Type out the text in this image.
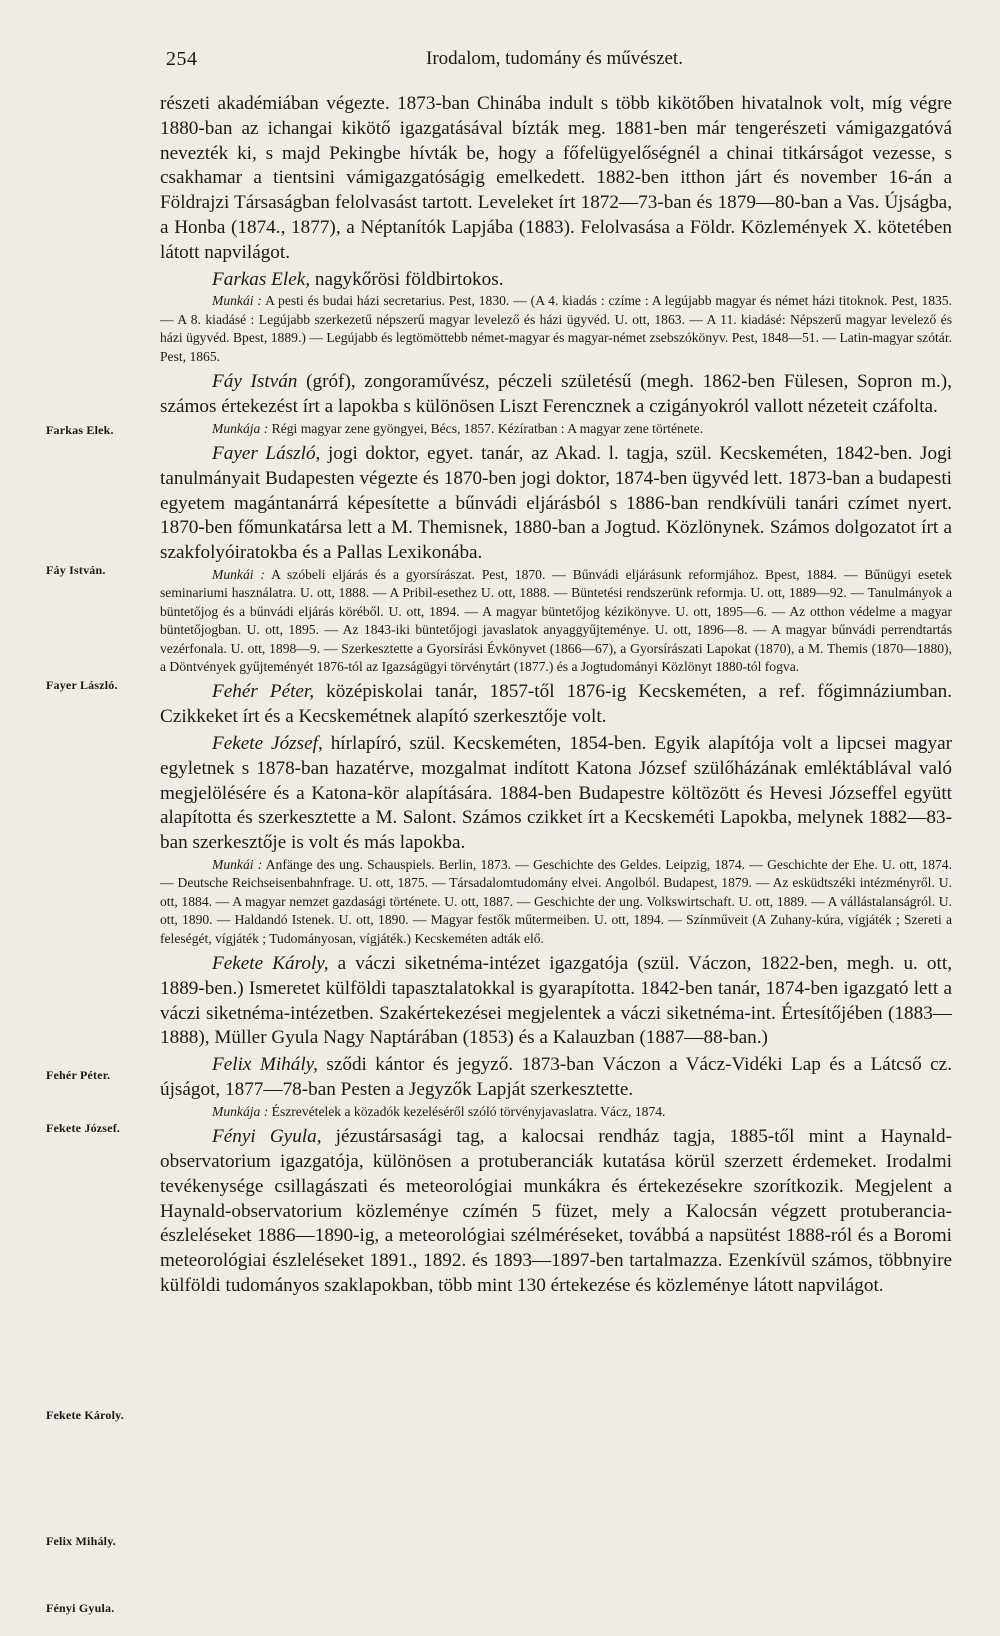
254	Irodalom, tudomány és művészet.
Farkas Elek.
Fáy István.
Fayer László.
Fehér Péter.
Fekete József.
Fekete Károly.
Felix Mihály.
Fényi Gyula.

részeti akadémiában végezte. 1873-ban Chinába indult s több kikötőben hivatalnok volt, míg végre 1880-ban az ichangai kikötő igazgatásával bízták meg. 1881-ben már tengerészeti vámigazgatóvá nevezték ki, s majd Pekingbe hívták be, hogy a főfelügyelőségnél a chinai titkárságot vezesse, s csakhamar a tientsini vámigazgatóságig emelkedett. 1882-ben itthon járt és november 16-án a Földrajzi Társaságban felolvasást tartott. Leveleket írt 1872—73-ban és 1879—80-ban a Vas. Újságba, a Honba (1874., 1877), a Néptanítók Lapjába (1883). Felolvasása a Földr. Közlemények X. kötetében látott napvilágot.

Farkas Elek, nagykőrösi földbirtokos.

Munkái : A pesti és budai házi secretarius. Pest, 1830. — (A 4. kiadás : czíme : A legújabb magyar és német házi titoknok. Pest, 1835. — A 8. kiadásé : Legújabb szerkezetű népszerű magyar levelező és házi ügyvéd. U. ott, 1863. — A 11. kiadásé: Népszerű magyar levelező és házi ügyvéd. Bpest, 1889.) — Legújabb és legtömöttebb német-magyar és magyar-német zsebszókönyv. Pest, 1848—51. — Latin-magyar szótár. Pest, 1865.

Fáy István (gróf), zongoraművész, péczeli születésű (megh. 1862-ben Fülesen, Sopron m.), számos értekezést írt a lapokba s különösen Liszt Ferencznek a czigányokról vallott nézeteit czáfolta.

Munkája : Régi magyar zene gyöngyei, Bécs, 1857. Kézíratban : A magyar zene története.

Fayer László, jogi doktor, egyet. tanár, az Akad. l. tagja, szül. Kecskeméten, 1842-ben. Jogi tanulmányait Budapesten végezte és 1870-ben jogi doktor, 1874-ben ügyvéd lett. 1873-ban a budapesti egyetem magántanárrá képesítette a bűnvádi eljárásból s 1886-ban rendkívüli tanári czímet nyert. 1870-ben főmunkatársa lett a M. Themisnek, 1880-ban a Jogtud. Közlönynek. Számos dolgozatot írt a szakfolyóiratokba és a Pallas Lexikonába.

Munkái : A szóbeli eljárás és a gyorsírászat. Pest, 1870. — Bűnvádi eljárásunk reformjához. Bpest, 1884. — Bűnügyi esetek seminariumi használatra. U. ott, 1888. — A Pribil-esethez U. ott, 1888. — Büntetési rendszerünk reformja. U. ott, 1889—92. — Tanulmányok a büntetőjog és a bűnvádi eljárás köréből. U. ott, 1894. — A magyar büntetőjog kézikönyve. U. ott, 1895—6. — Az otthon védelme a magyar büntetőjogban. U. ott, 1895. — Az 1843-iki büntetőjogi javaslatok anyaggyűjteménye. U. ott, 1896—8. — A magyar bűnvádi perrendtartás vezérfonala. U. ott, 1898—9. — Szerkesztette a Gyorsírási Évkönyvet (1866—67), a Gyorsírászati Lapokat (1870), a M. Themis (1870—1880), a Döntvények gyűjteményét 1876-tól az Igazságügyi törvénytárt (1877.) és a Jogtudományi Közlönyt 1880-tól fogva.

Fehér Péter, középiskolai tanár, 1857-től 1876-ig Kecskeméten, a ref. főgimnáziumban. Czikkeket írt és a Kecskemétnek alapító szerkesztője volt.

Fekete József, hírlapíró, szül. Kecskeméten, 1854-ben. Egyik alapítója volt a lipcsei magyar egyletnek s 1878-ban hazatérve, mozgalmat indított Katona József szülőházának emléktáblával való megjelölésére és a Katona-kör alapítására. 1884-ben Budapestre költözött és Hevesi Józseffel együtt alapította és szerkesztette a M. Salont. Számos czikket írt a Kecskeméti Lapokba, melynek 1882—83-ban szerkesztője is volt és más lapokba.

Munkái : Anfänge des ung. Schauspiels. Berlin, 1873. — Geschichte des Geldes. Leipzig, 1874. — Geschichte der Ehe. U. ott, 1874. — Deutsche Reichseisenbahnfrage. U. ott, 1875. — Társadalomtudomány elvei. Angolból. Budapest, 1879. — Az esküdtszéki intézményről. U. ott, 1884. — A magyar nemzet gazdasági története. U. ott, 1887. — Geschichte der ung. Volkswirtschaft. U. ott, 1889. — A vállástalanságról. U. ott, 1890. — Haldandó Istenek. U. ott, 1890. — Magyar festők műtermeiben. U. ott, 1894. — Színműveit (A Zuhany-kúra, vígjáték ; Szereti a feleségét, vígjáték ; Tudományosan, vígjáték.) Kecskeméten adták elő.

Fekete Károly, a váczi siketnéma-intézet igazgatója (szül. Váczon, 1822-ben, megh. u. ott, 1889-ben.) Ismeretet külföldi tapasztalatokkal is gyarapította. 1842-ben tanár, 1874-ben igazgató lett a váczi siketnéma-intézetben. Szakértekezései megjelentek a váczi siketnéma-int. Értesítőjében (1883—1888), Müller Gyula Nagy Naptárában (1853) és a Kalauzban (1887—88-ban.)

Felix Mihály, sződi kántor és jegyző. 1873-ban Váczon a Vácz-Vidéki Lap és a Látcső cz. újságot, 1877—78-ban Pesten a Jegyzők Lapját szerkesztette.

Munkája : Észrevételek a közadók kezeléséről szóló törvényjavaslatra. Vácz, 1874.

Fényi Gyula, jézustársasági tag, a kalocsai rendház tagja, 1885-től mint a Haynald-observatorium igazgatója, különösen a protuberanciák kutatása körül szerzett érdemeket. Irodalmi tevékenysége csillagászati és meteorológiai munkákra és értekezésekre szorítkozik. Megjelent a Haynald-observatorium közleménye czímén 5 füzet, mely a Kalocsán végzett protuberancia-észleléseket 1886—1890-ig, a meteorológiai szélméréseket, továbbá a napsütést 1888-ról és a Boromi meteorológiai észleléseket 1891., 1892. és 1893—1897-ben tartalmazza. Ezenkívül számos, többnyire külföldi tudományos szaklapokban, több mint 130 értekezése és közleménye látott napvilágot.
